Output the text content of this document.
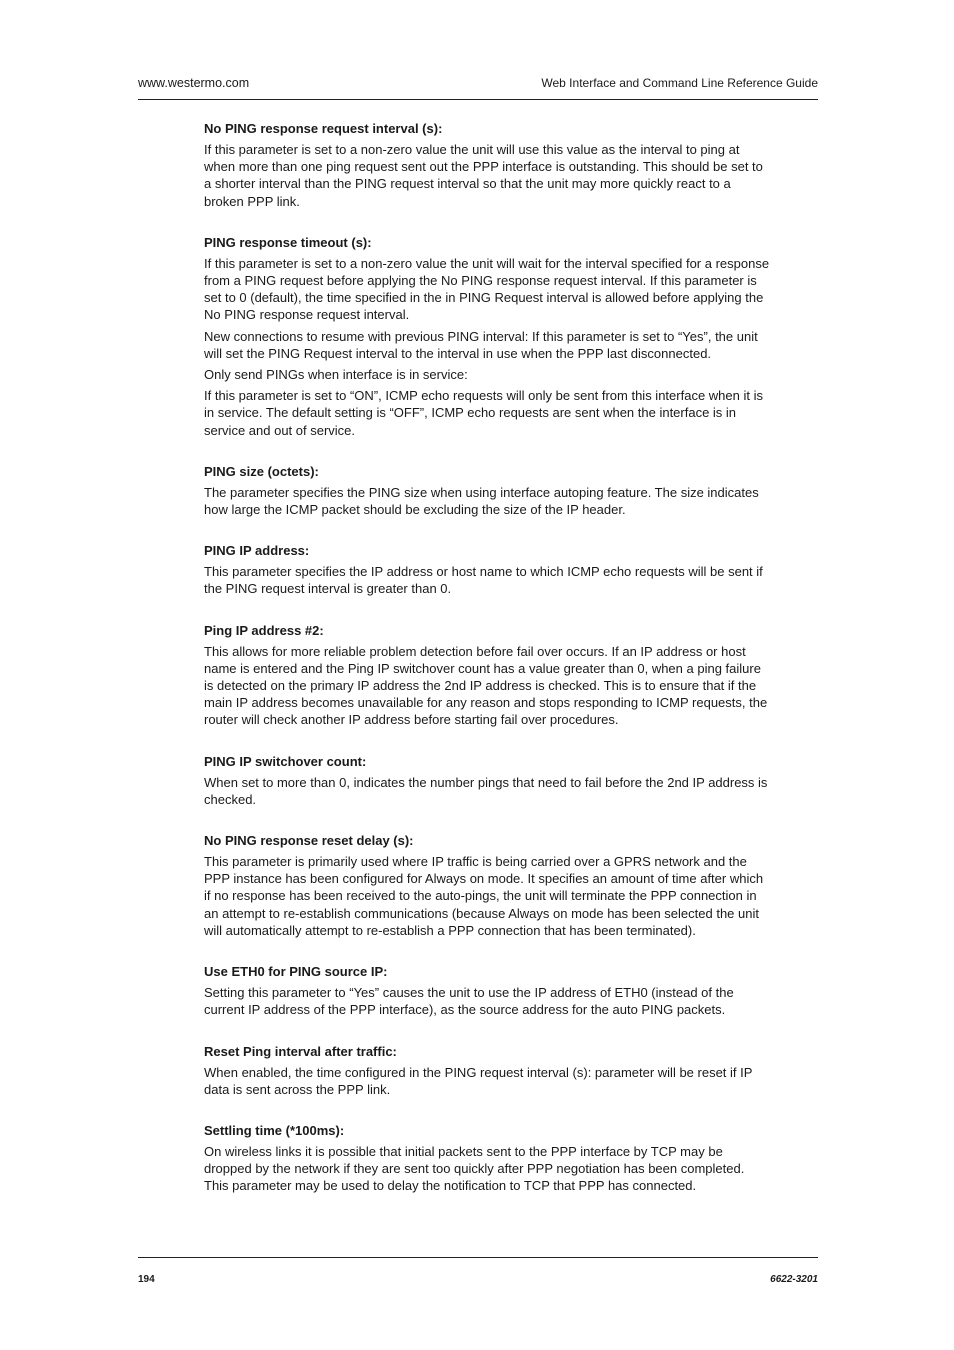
www.westermo.com	Web Interface and Command Line Reference Guide
No PING response request interval (s):

If this parameter is set to a non-zero value the unit will use this value as the interval to ping at when more than one ping request sent out the PPP interface is outstanding. This should be set to a shorter interval than the PING request interval so that the unit may more quickly react to a broken PPP link.

PING response timeout (s):

If this parameter is set to a non-zero value the unit will wait for the interval specified for a response from a PING request before applying the No PING response request interval. If this parameter is set to 0 (default), the time specified in the in PING Request interval is allowed before applying the No PING response request interval.

New connections to resume with previous PING interval: If this parameter is set to “Yes”, the unit will set the PING Request interval to the interval in use when the PPP last disconnected.

Only send PINGs when interface is in service:

If this parameter is set to “ON”, ICMP echo requests will only be sent from this interface when it is in service. The default setting is “OFF”, ICMP echo requests are sent when the interface is in service and out of service.

PING size (octets):

The parameter specifies the PING size when using interface autoping feature. The size indicates how large the ICMP packet should be excluding the size of the IP header.

PING IP address:

This parameter specifies the IP address or host name to which ICMP echo requests will be sent if the PING request interval is greater than 0.

Ping IP address #2:

This allows for more reliable problem detection before fail over occurs. If an IP address or host name is entered and the Ping IP switchover count has a value greater than 0, when a ping failure is detected on the primary IP address the 2nd IP address is checked. This is to ensure that if the main IP address becomes unavailable for any reason and stops responding to ICMP requests, the router will check another IP address before starting fail over procedures.

PING IP switchover count:

When set to more than 0, indicates the number pings that need to fail before the 2nd IP address is checked.

No PING response reset delay (s):

This parameter is primarily used where IP traffic is being carried over a GPRS network and the PPP instance has been configured for Always on mode. It specifies an amount of time after which if no response has been received to the auto-pings, the unit will terminate the PPP connection in an attempt to re-establish communications (because Always on mode has been selected the unit will automatically attempt to re-establish a PPP connection that has been terminated).

Use ETH0 for PING source IP:

Setting this parameter to “Yes” causes the unit to use the IP address of ETH0 (instead of the current IP address of the PPP interface), as the source address for the auto PING packets.

Reset Ping interval after traffic:

When enabled, the time configured in the PING request interval (s): parameter will be reset if IP data is sent across the PPP link.

Settling time (*100ms):

On wireless links it is possible that initial packets sent to the PPP interface by TCP may be dropped by the network if they are sent too quickly after PPP negotiation has been completed. This parameter may be used to delay the notification to TCP that PPP has connected.

194	6622-3201
